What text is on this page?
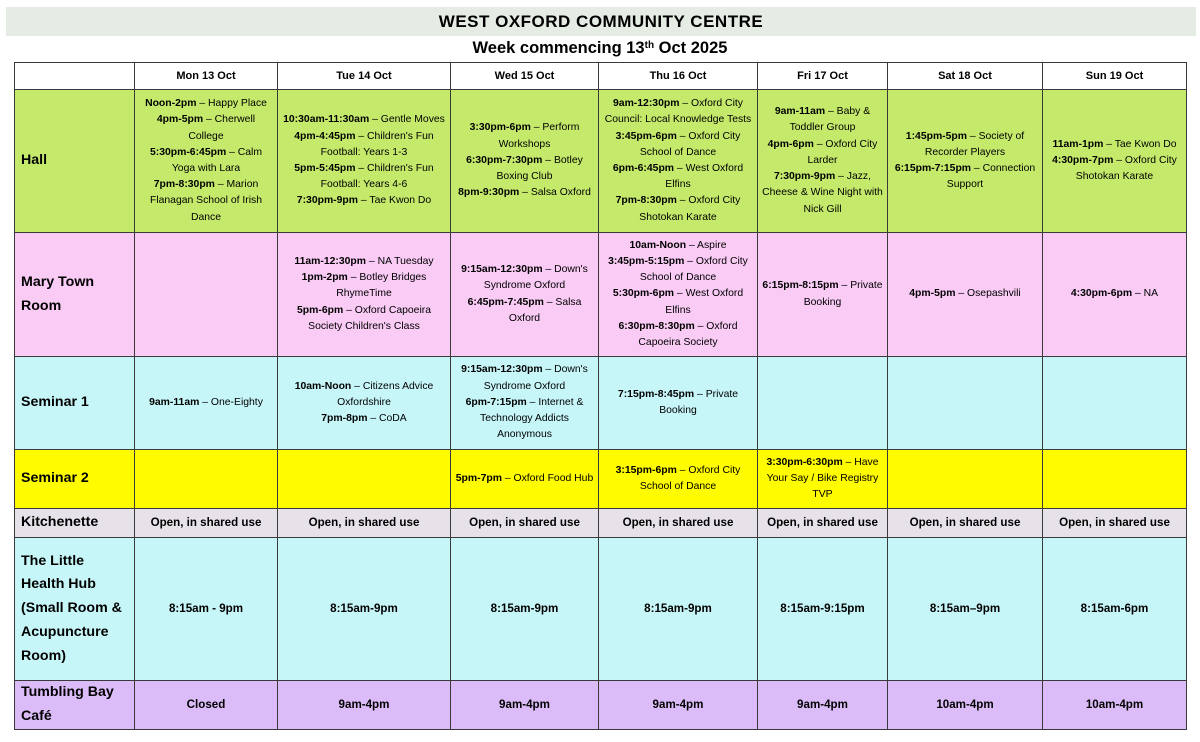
WEST OXFORD COMMUNITY CENTRE
Week commencing 13th Oct 2025
	Mon 13 Oct	Tue 14 Oct	Wed 15 Oct	Thu 16 Oct	Fri 17 Oct	Sat 18 Oct	Sun 19 Oct
Hall	Noon-2pm – Happy Place
4pm-5pm – Cherwell College
5:30pm-6:45pm – Calm Yoga with Lara
7pm-8:30pm – Marion Flanagan School of Irish Dance	10:30am-11:30am – Gentle Moves
4pm-4:45pm – Children's Fun Football: Years 1-3
5pm-5:45pm – Children's Fun Football: Years 4-6
7:30pm-9pm – Tae Kwon Do	3:30pm-6pm – Perform Workshops
6:30pm-7:30pm – Botley Boxing Club
8pm-9:30pm – Salsa Oxford	9am-12:30pm – Oxford City Council: Local Knowledge Tests
3:45pm-6pm – Oxford City School of Dance
6pm-6:45pm – West Oxford Elfins
7pm-8:30pm – Oxford City Shotokan Karate	9am-11am – Baby & Toddler Group
4pm-6pm – Oxford City Larder
7:30pm-9pm – Jazz, Cheese & Wine Night with Nick Gill	1:45pm-5pm – Society of Recorder Players
6:15pm-7:15pm – Connection Support	11am-1pm – Tae Kwon Do
4:30pm-7pm – Oxford City Shotokan Karate

Mary Town Room		11am-12:30pm – NA Tuesday
1pm-2pm – Botley Bridges RhymeTime
5pm-6pm – Oxford Capoeira Society Children's Class	9:15am-12:30pm – Down's Syndrome Oxford
6:45pm-7:45pm – Salsa Oxford	10am-Noon – Aspire
3:45pm-5:15pm – Oxford City School of Dance
5:30pm-6pm – West Oxford Elfins
6:30pm-8:30pm – Oxford Capoeira Society	6:15pm-8:15pm – Private Booking	4pm-5pm – Osepashvili	4:30pm-6pm – NA

Seminar 1	9am-11am – One-Eighty	10am-Noon – Citizens Advice Oxfordshire
7pm-8pm – CoDA	9:15am-12:30pm – Down's Syndrome Oxford
6pm-7:15pm – Internet & Technology Addicts Anonymous	7:15pm-8:45pm – Private Booking			

Seminar 2			5pm-7pm – Oxford Food Hub	3:15pm-6pm – Oxford City School of Dance	3:30pm-6:30pm – Have Your Say / Bike Registry TVP		

Kitchenette	Open, in shared use	Open, in shared use	Open, in shared use	Open, in shared use	Open, in shared use	Open, in shared use	Open, in shared use
The Little Health Hub (Small Room & Acupuncture Room)	8:15am - 9pm	8:15am-9pm	8:15am-9pm	8:15am-9pm	8:15am-9:15pm	8:15am–9pm	8:15am-6pm
Tumbling Bay Café	Closed	9am-4pm	9am-4pm	9am-4pm	9am-4pm	10am-4pm	10am-4pm
